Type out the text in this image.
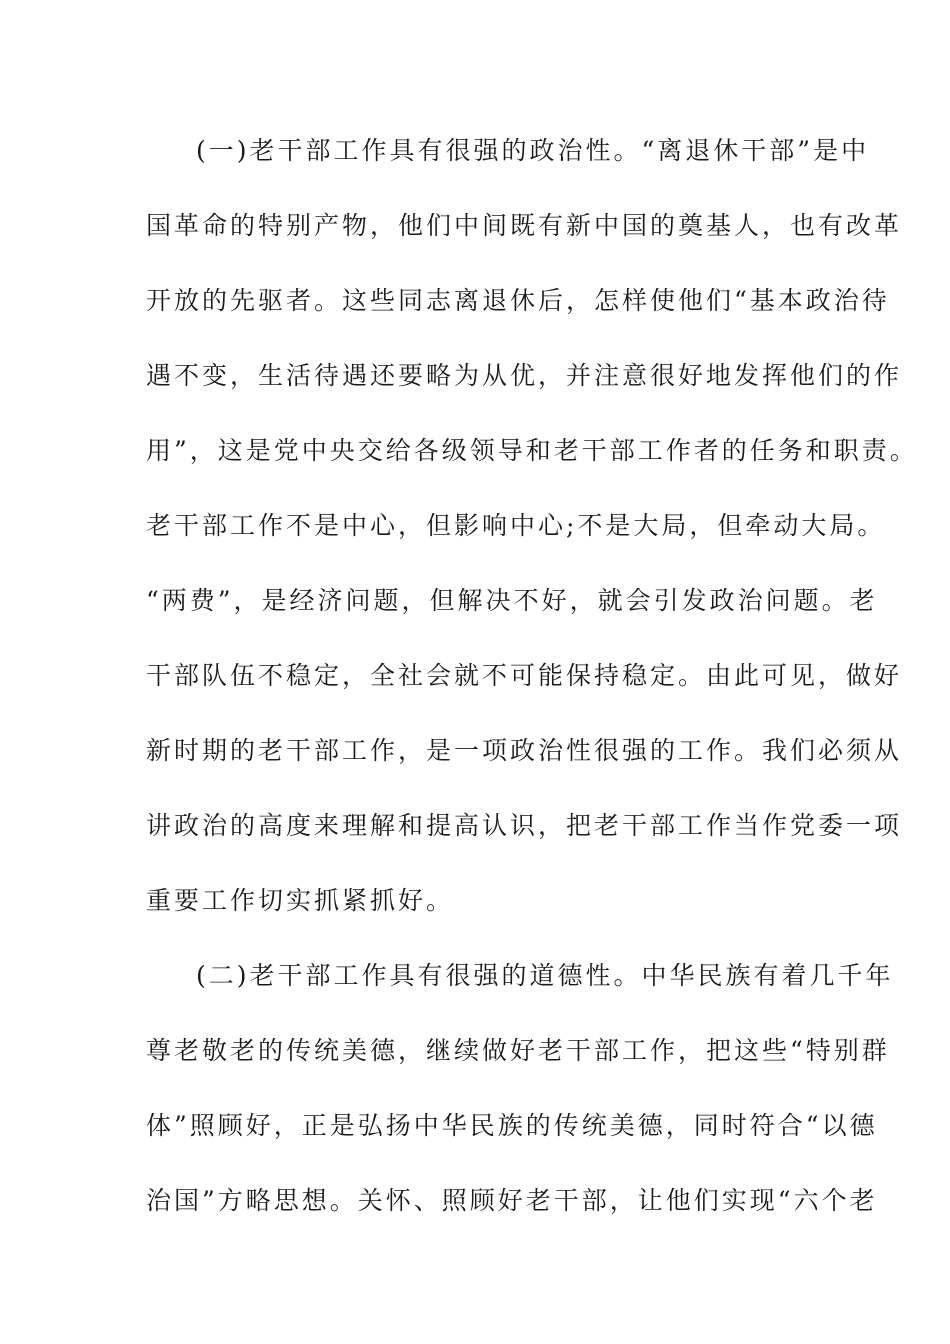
(一)老干部工作具有很强的政治性。“离退休干部”是中
国革命的特别产物，他们中间既有新中国的奠基人，也有改革
开放的先驱者。这些同志离退休后，怎样使他们“基本政治待
遇不变，生活待遇还要略为从优，并注意很好地发挥他们的作
用”，这是党中央交给各级领导和老干部工作者的任务和职责。
老干部工作不是中心，但影响中心;不是大局，但牵动大局。
“两费”，是经济问题，但解决不好，就会引发政治问题。老
干部队伍不稳定，全社会就不可能保持稳定。由此可见，做好
新时期的老干部工作，是一项政治性很强的工作。我们必须从
讲政治的高度来理解和提高认识，把老干部工作当作党委一项
重要工作切实抓紧抓好。
(二)老干部工作具有很强的道德性。中华民族有着几千年
尊老敬老的传统美德，继续做好老干部工作，把这些“特别群
体”照顾好，正是弘扬中华民族的传统美德，同时符合“以德
治国”方略思想。关怀、照顾好老干部，让他们实现“六个老
